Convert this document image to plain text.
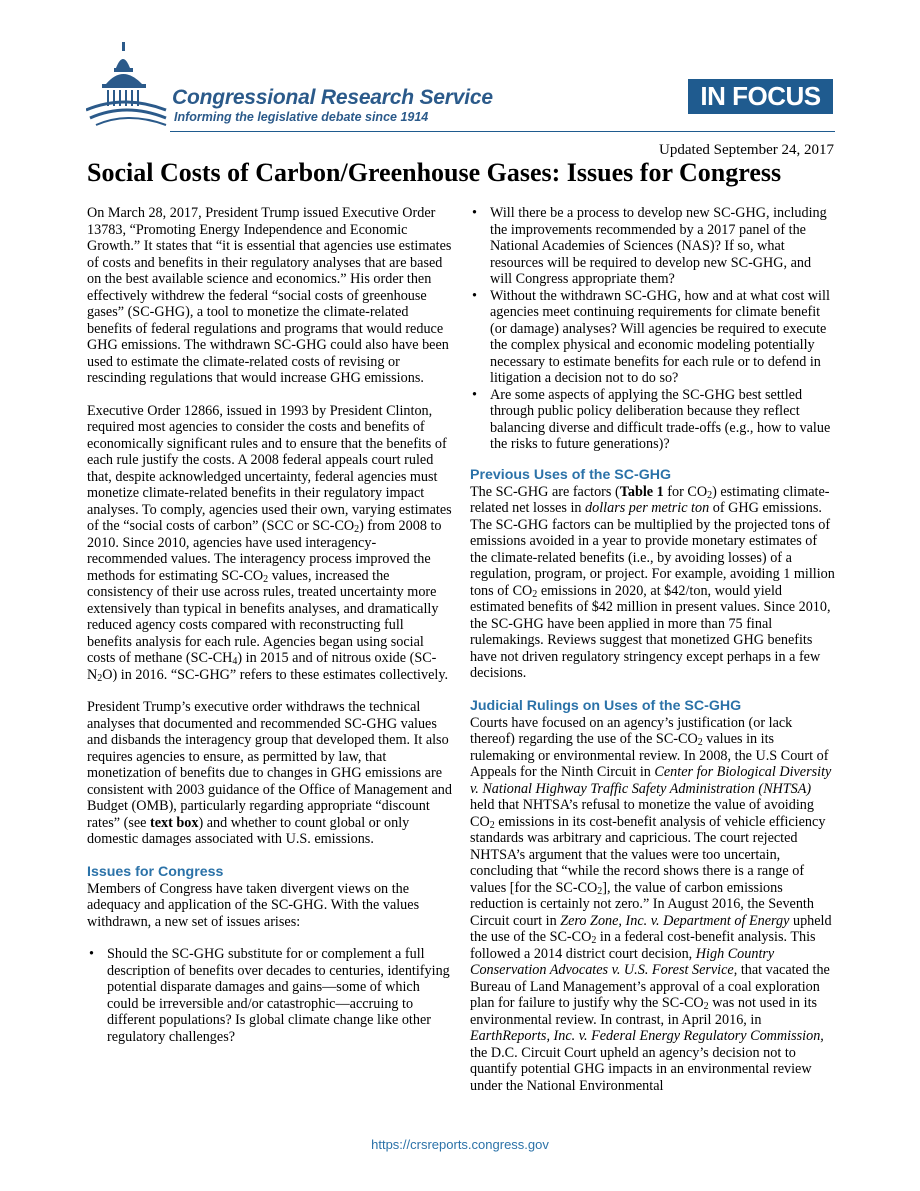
Congressional Research Service
Informing the legislative debate since 1914
IN FOCUS
Updated September 24, 2017
Social Costs of Carbon/Greenhouse Gases: Issues for Congress

On March 28, 2017, President Trump issued Executive Order 13783, “Promoting Energy Independence and Economic Growth.” It states that “it is essential that agencies use estimates of costs and benefits in their regulatory analyses that are based on the best available science and economics.” His order then effectively withdrew the federal “social costs of greenhouse gases” (SC-GHG), a tool to monetize the climate-related benefits of federal regulations and programs that would reduce GHG emissions. The withdrawn SC-GHG could also have been used to estimate the climate-related costs of revising or rescinding regulations that would increase GHG emissions.

Executive Order 12866, issued in 1993 by President Clinton, required most agencies to consider the costs and benefits of economically significant rules and to ensure that the benefits of each rule justify the costs. A 2008 federal appeals court ruled that, despite acknowledged uncertainty, federal agencies must monetize climate-related benefits in their regulatory impact analyses. To comply, agencies used their own, varying estimates of the “social costs of carbon” (SCC or $SC-CO_2$) from 2008 to 2010. Since 2010, agencies have used interagency-recommended values. The interagency process improved the methods for estimating $SC-CO_2$ values, increased the consistency of their use across rules, treated uncertainty more extensively than typical in benefits analyses, and dramatically reduced agency costs compared with reconstructing full benefits analysis for each rule. Agencies began using social costs of methane $(SC-CH_4)$ in 2015 and of nitrous oxide $(SC-N_2O)$ in 2016. “SC-GHG” refers to these estimates collectively.

President Trump’s executive order withdraws the technical analyses that documented and recommended SC-GHG values and disbands the interagency group that developed them. It also requires agencies to ensure, as permitted by law, that monetization of benefits due to changes in GHG emissions are consistent with 2003 guidance of the Office of Management and Budget (OMB), particularly regarding appropriate “discount rates” (see text box) and whether to count global or only domestic damages associated with U.S. emissions.

Issues for Congress

Members of Congress have taken divergent views on the adequacy and application of the SC-GHG. With the values withdrawn, a new set of issues arises:

• Should the SC-GHG substitute for or complement a full description of benefits over decades to centuries, identifying potential disparate damages and gains—some of which could be irreversible and/or catastrophic—accruing to different populations? Is global climate change like other regulatory challenges?
• Will there be a process to develop new SC-GHG, including the improvements recommended by a 2017 panel of the National Academies of Sciences (NAS)? If so, what resources will be required to develop new SC-GHG, and will Congress appropriate them?
• Without the withdrawn SC-GHG, how and at what cost will agencies meet continuing requirements for climate benefit (or damage) analyses? Will agencies be required to execute the complex physical and economic modeling potentially necessary to estimate benefits for each rule or to defend in litigation a decision not to do so?
• Are some aspects of applying the SC-GHG best settled through public policy deliberation because they reflect balancing diverse and difficult trade-offs (e.g., how to value the risks to future generations)?
Previous Uses of the SC-GHG

The SC-GHG are factors (Table 1 for $CO_2$) estimating climate-related net losses in dollars per metric ton of GHG emissions. The SC-GHG factors can be multiplied by the projected tons of emissions avoided in a year to provide monetary estimates of the climate-related benefits (i.e., by avoiding losses) of a regulation, program, or project. For example, avoiding 1 million tons of $CO_2$ emissions in 2020, at $42/ton, would yield estimated benefits of $42 million in present values. Since 2010, the SC-GHG have been applied in more than 75 final rulemakings. Reviews suggest that monetized GHG benefits have not driven regulatory stringency except perhaps in a few decisions.

Judicial Rulings on Uses of the SC-GHG

Courts have focused on an agency’s justification (or lack thereof) regarding the use of the $SC-CO_2$ values in its rulemaking or environmental review. In 2008, the U.S Court of Appeals for the Ninth Circuit in Center for Biological Diversity v. National Highway Traffic Safety Administration (NHTSA) held that NHTSA’s refusal to monetize the value of avoiding $CO_2$ emissions in its cost-benefit analysis of vehicle efficiency standards was arbitrary and capricious. The court rejected NHTSA’s argument that the values were too uncertain, concluding that “while the record shows there is a range of values [for the $SC-CO_2$], the value of carbon emissions reduction is certainly not zero.” In August 2016, the Seventh Circuit court in Zero Zone, Inc. v. Department of Energy upheld the use of the $SC-CO_2$ in a federal cost-benefit analysis. This followed a 2014 district court decision, High Country Conservation Advocates v. U.S. Forest Service, that vacated the Bureau of Land Management’s approval of a coal exploration plan for failure to justify why the $SC-CO_2$ was not used in its environmental review. In contrast, in April 2016, in EarthReports, Inc. v. Federal Energy Regulatory Commission, the D.C. Circuit Court upheld an agency’s decision not to quantify potential GHG impacts in an environmental review under the National Environmental

https://crsreports.congress.gov
